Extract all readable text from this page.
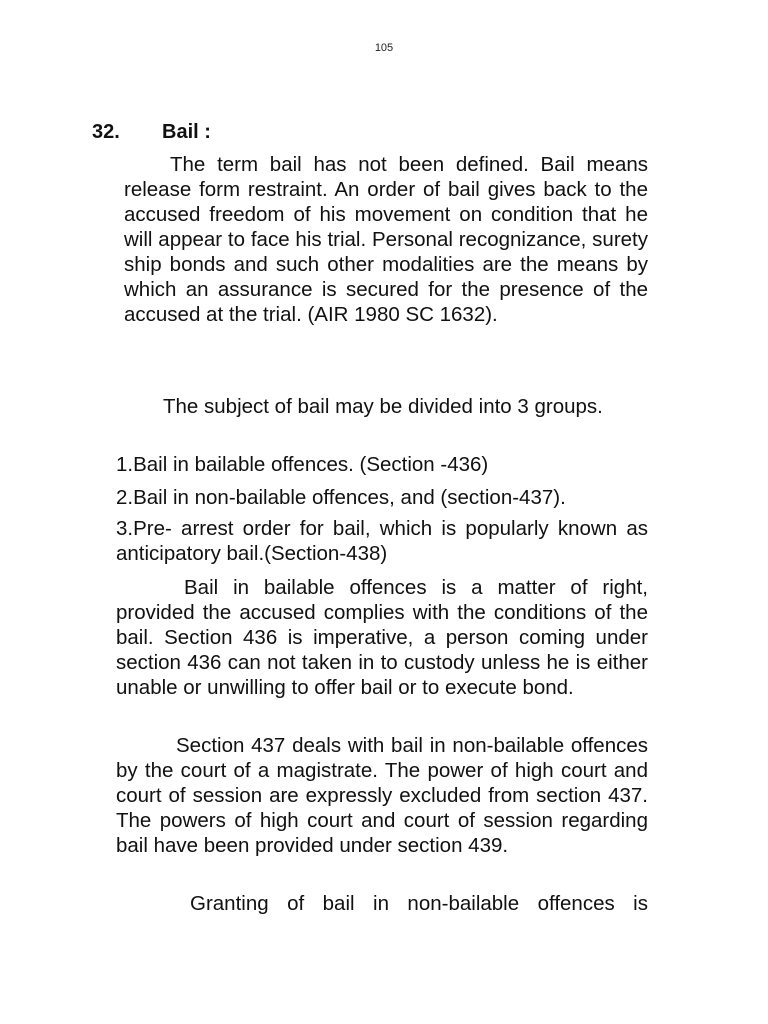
105
32. Bail :

The term bail has not been defined. Bail means release form restraint. An order of bail gives back to the accused freedom of his movement on condition that he will appear to face his trial. Personal recognizance, surety ship bonds and such other modalities are the means by which an assurance is secured for the presence of the accused at the trial. (AIR 1980 SC 1632).

The subject of bail may be divided into 3 groups.

1.Bail in bailable offences. (Section -436)

2.Bail in non-bailable offences, and (section-437).

3.Pre- arrest order for bail, which is popularly known as anticipatory bail.(Section-438)

Bail in bailable offences is a matter of right, provided the accused complies with the conditions of the bail. Section 436 is imperative, a person coming under section 436 can not taken in to custody unless he is either unable or unwilling to offer bail or to execute bond.

Section 437 deals with bail in non-bailable offences by the court of a magistrate. The power of high court and court of session are expressly excluded from section 437. The powers of high court and court of session regarding bail have been provided under section 439.

Granting of bail in non-bailable offences is
